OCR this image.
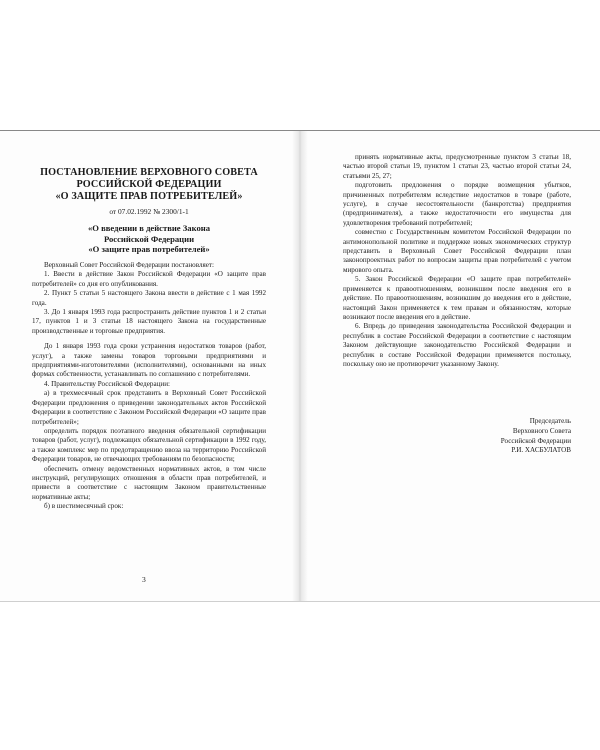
ПОСТАНОВЛЕНИЕ ВЕРХОВНОГО СОВЕТА
РОССИЙСКОЙ ФЕДЕРАЦИИ
«О ЗАЩИТЕ ПРАВ ПОТРЕБИТЕЛЕЙ»
от 07.02.1992 № 2300/1-1
«О введении в действие Закона
Российской Федерации
«О защите прав потребителей»

Верховный Совет Российской Федерации постановляет:

1. Ввести в действие Закон Российской Федерации «О защите прав потребителей» со дня его опубликования.

2. Пункт 5 статьи 5 настоящего Закона ввести в действие с 1 мая 1992 года.

3. До 1 января 1993 года распространить действие пунктов 1 и 2 статьи 17, пунктов 1 и 3 статьи 18 настоящего Закона на государственные производственные и торговые предприятия.

До 1 января 1993 года сроки устранения недостатков товаров (работ, услуг), а также замены товаров торговыми предприятиями и предприятиями-изготовителями (исполнителями), основанными на иных формах собственности, устанавливать по соглашению с потребителями.

4. Правительству Российской Федерации:

а) в трехмесячный срок представить в Верховный Совет Российской Федерации предложения о приведении законодательных актов Российской Федерации в соответствие с Законом Российской Федерации «О защите прав потребителей»;

определить порядок поэтапного введения обязательной сертификации товаров (работ, услуг), подлежащих обязательной сертификации в 1992 году, а также комплекс мер по предотвращению ввоза на территорию Российской Федерации товаров, не отвечающих требованиям по безопасности;

обеспечить отмену ведомственных нормативных актов, в том числе инструкций, регулирующих отношения в области прав потребителей, и привести в соответствие с настоящим Законом правительственные нормативные акты;

б) в шестимесячный срок:

3

принять нормативные акты, предусмотренные пунктом 3 статьи 18, частью второй статьи 19, пунктом 1 статьи 23, частью второй статьи 24, статьями 25, 27;

подготовить предложения о порядке возмещения убытков, причиненных потребителям вследствие недостатков в товаре (работе, услуге), в случае несостоятельности (банкротства) предприятия (предпринимателя), а также недостаточности его имущества для удовлетворения требований потребителей;

совместно с Государственным комитетом Российской Федерации по антимонопольной политике и поддержке новых экономических структур представить в Верховный Совет Российской Федерации план законопроектных работ по вопросам защиты прав потребителей с учетом мирового опыта.

5. Закон Российской Федерации «О защите прав потребителей» применяется к правоотношениям, возникшим после введения его в действие. По правоотношениям, возникшим до введения его в действие, настоящий Закон применяется к тем правам и обязанностям, которые возникают после введения его в действие.

6. Впредь до приведения законодательства Российской Федерации и республик в составе Российской Федерации в соответствие с настоящим Законом действующие законодательство Российской Федерации и республик в составе Российской Федерации применяется постольку, поскольку оно не противоречит указанному Закону.

Председатель
Верховного Совета
Российской Федерации
Р.И. ХАСБУЛАТОВ
